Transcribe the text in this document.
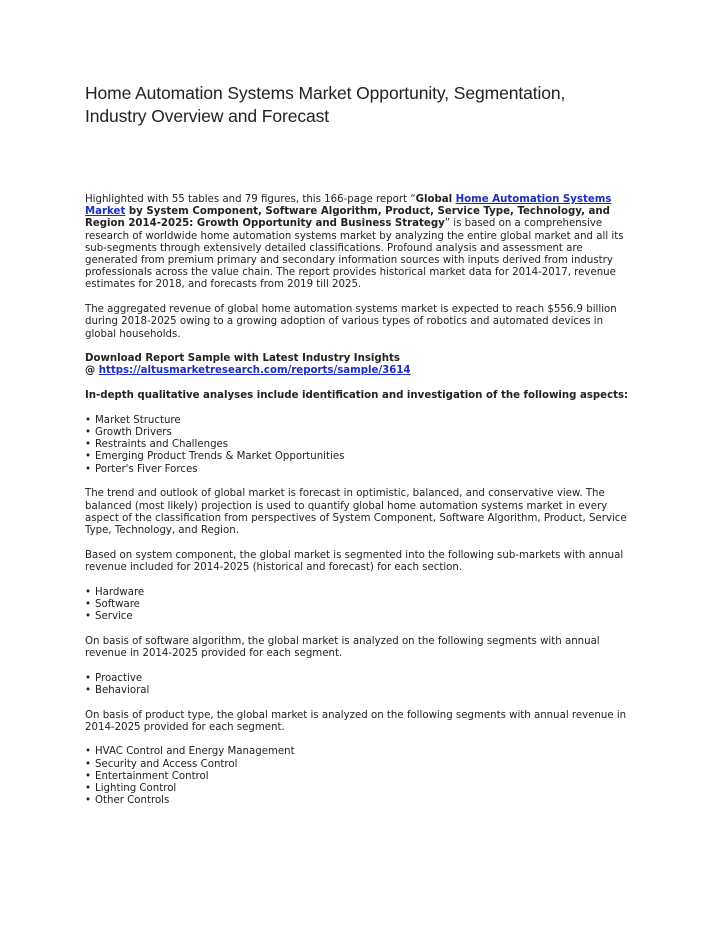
Home Automation Systems Market Opportunity, Segmentation,
Industry Overview and Forecast

Highlighted with 55 tables and 79 figures, this 166-page report “Global Home Automation Systems Market by System Component, Software Algorithm, Product, Service Type, Technology, and Region 2014-2025: Growth Opportunity and Business Strategy” is based on a comprehensive research of worldwide home automation systems market by analyzing the entire global market and all its sub-segments through extensively detailed classifications. Profound analysis and assessment are generated from premium primary and secondary information sources with inputs derived from industry professionals across the value chain. The report provides historical market data for 2014-2017, revenue estimates for 2018, and forecasts from 2019 till 2025.

The aggregated revenue of global home automation systems market is expected to reach $556.9 billion during 2018-2025 owing to a growing adoption of various types of robotics and automated devices in global households.

Download Report Sample with Latest Industry Insights
@ https://altusmarketresearch.com/reports/sample/3614

In-depth qualitative analyses include identification and investigation of the following aspects:

• Market Structure
• Growth Drivers
• Restraints and Challenges
• Emerging Product Trends & Market Opportunities
• Porter's Fiver Forces

The trend and outlook of global market is forecast in optimistic, balanced, and conservative view. The balanced (most likely) projection is used to quantify global home automation systems market in every aspect of the classification from perspectives of System Component, Software Algorithm, Product, Service Type, Technology, and Region.

Based on system component, the global market is segmented into the following sub-markets with annual revenue included for 2014-2025 (historical and forecast) for each section.

• Hardware
• Software
• Service

On basis of software algorithm, the global market is analyzed on the following segments with annual revenue in 2014-2025 provided for each segment.

• Proactive
• Behavioral

On basis of product type, the global market is analyzed on the following segments with annual revenue in 2014-2025 provided for each segment.

• HVAC Control and Energy Management
• Security and Access Control
• Entertainment Control
• Lighting Control
• Other Controls
